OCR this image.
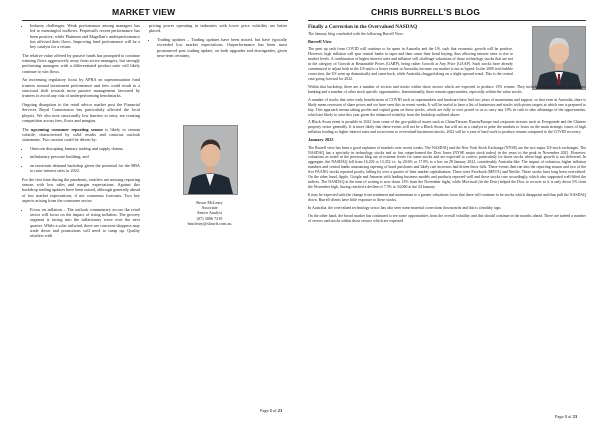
MARKET VIEW
• Industry challenges: Weak performance among managers has led to meaningful outflows. Perpetual's recent performance has been positive, while Platinum and Magellan's underperformance has affected their flows. Improving fund performance will be a key catalyst for a return.

The relative value offered by passive funds has prompted to continue winning flows aggressively away from active managers, but strongly performing managers with a differentiated product suite will likely continue to win flows.

An increasing regulatory focus by APRA on superannuation fund trustees around investment performance and fees could result in a structural shift towards more passive management favoured by trustees to avoid any risk of underperforming benchmarks.

Ongoing disruption to the retail advice market post the Financial Services Royal Commission has particularly affected the local players. We also note structurally low barriers to entry are creating competition across fees, flows and margins.

The upcoming consumer reporting season is likely to remain volatile, characterised by solid results and cautious outlook statements. Two caution could be driven by:

• Omicron disrupting January trading and supply chains;
• inflationary pressure building; and
• an uncertain demand backdrop given the potential for the RBA to raise interest rates in 2022.

For the first time during the pandemic, retailers are missing reporting season with low sales and margin expectations. Against this backdrop trading updates have been mixed, although generally ahead of low market expectations, if not consensus forecasts. Two key aspects arising from the consumer sector:

• Focus on inflation – The outlook commentary across the retail sector will focus on the impact of rising inflation. The grocery segment is facing into the inflationary wave over the next quarter. While a solar tailwind, there are concerns shoppers may trade down and promotions will need to ramp up. Quality retailers with

pricing power operating in industries with lower price volatility are better placed.

• Trading updates – Trading updates have been mixed, but have typically exceeded low market expectations. Outperformance has been most pronounced post trading update, on both upgrades and downgrades, given near-term certainty.
Bruce McLeary
Associate
Senior Analyst
(07) 3006 7219
bmcleary@shawft.com.au
Page 2 of 23
CHRIS BURRELL'S BLOG
Finally a Correction in the Overvalued NASDAQ

The January blog concluded with the following Burrell View:

Burrell View

The pent up cash from COVID will continue to be spent in Australia and the US, such that economic growth will be positive. However, high inflation will spur central banks to taper and then cause their bond buying, thus allowing interest rates to rise to market levels. A combination of higher interest rates and inflation will challenge valuations of those technology stocks that are not in the category of Growth at Reasonable Prices (GARP), being rather Growth at Any Price (GAAP). Such stocks have already commenced to adjust both in the US and to a lesser extent in Australia, because our market is not as hyped. In the 2000 tech bubble correction, the US went up dramatically and came back, while Australia chugged along on a slight upward trend. This is the central case going forward for 2022.

Within that backdrop, there are a number of sectors and stocks within those sectors which are expected to produce 15% returns. They include materials, energy, gold, some banking and a number of other stock specific opportunities. Internationally, there remain opportunities, especially within the value stocks.

A number of stocks that were early beneficiaries of COVID such as supermarkets and hardware have had two years of momentum and support, so that even in Australia, there is likely mean reversion of share prices and we have seen this in recent weeks. It will be useful to have a list of businesses and stocks with power targets at which one is prepared to buy. This approach means taking profits and capital gains on those stocks, which are fully or over priced so as to carry any 10% in cash to take advantage of the opportunities, which are likely to arise this year given the enhanced volatility from the backdrop outlined above.

A Black Swan event is possible in 2022 from some of the geo-political issues such as China/Taiwan, Russia/Europe and corporate stresses such as Evergrande and the Chinese property sector generally. It is more likely that these events will not be a Black Swan, but will act as a catalyst to poke the markets to focus on the main strategic issues of high inflation leading to higher interest rates and corrections to overvalued businesses/stocks. 2022 will be a year of hard work to produce returns compared to the COVID recovery.

January 2022

The Burrell view has been a good explainer of markets over recent weeks. The NASDAQ and the New York Stock Exchange (NYSE) are the two major US stock exchanges. The NASDAQ has a specialty in technology stocks and so has outperformed the Dow Jones (NYSE major stock index) in the years to the peak in November 2021. However, valuations as noted in the previous blog are at extreme levels for some stocks and are expected to correct, particularly for those stocks where high growth is not delivered. In aggregate, the NASDAQ fell from 16,202 to 13,352 i.e. by 20.6% or 17.8% to a low on 28 January 2022, considerably Australia-like. The impact of valuation, higher inflation numbers and central banks announcing tapering of bond purchases and likely rate increases had driven these falls. These events then ran into the reporting season and two of the five FAANG stocks reported poorly, falling by over a quarter of their market capitalisation. These were Facebook (META) and Netflix. These stocks have long been overvalued. On the other hand, Apple, Google and Amazon with leading business models and products reported well and those stocks rose accordingly, which also supported well-lifted the indices. The NASDAQ at the time of writing is now down 13% from the November highs, while Microsoft (in the Dow) helped the Dow to recover so it is only down 5% from the November high, having reached a decline of 7.5% to 34,060 at the 24 January.

It may be expected with the change from sentiment and momentum to a greater valuations focus that there will continue to be stocks which disappoint and thus pull the NASDAQ down. Burrell clients have little exposure to these stocks.

In Australia, the overvalued technology sector has also seen some material corrections downwards and this is a healthy sign.

On the other hand, the broad market has continued to see some opportunities from the overall volatility and this should continue in the months ahead. There are indeed a number of sectors and stocks within those sectors which are expected

Page 3 of 23
